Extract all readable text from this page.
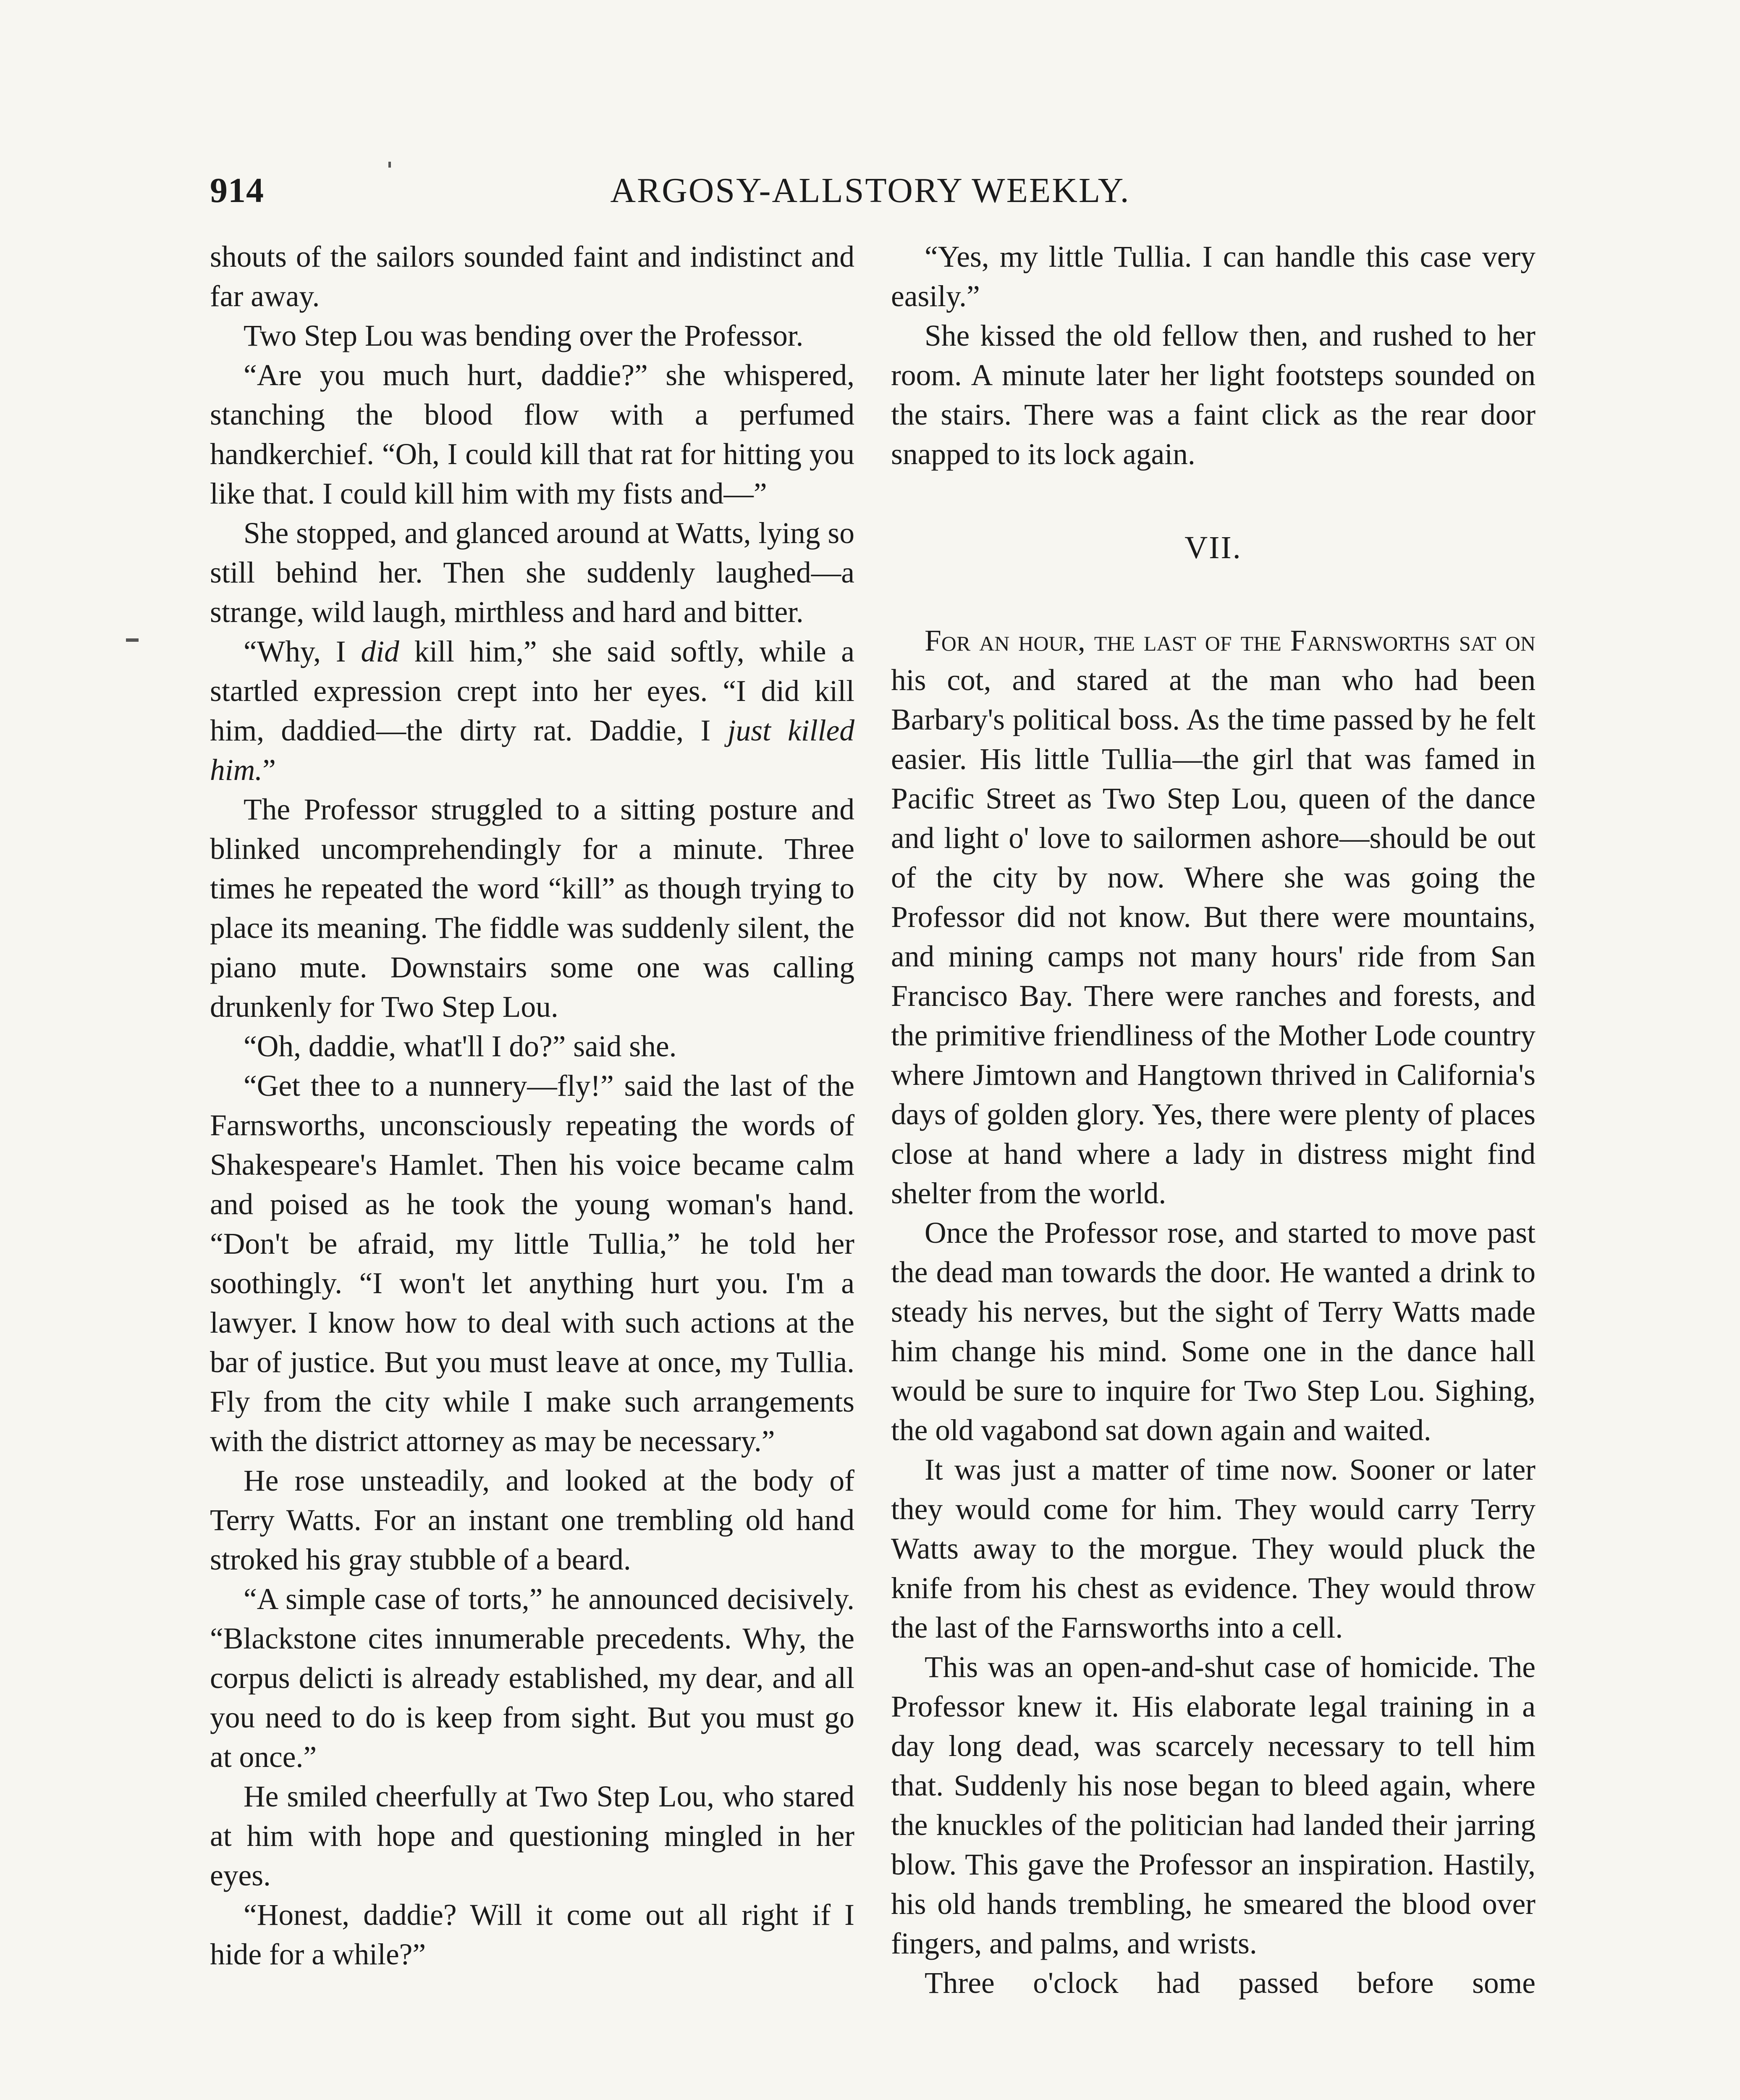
914	ARGOSY-ALLSTORY WEEKLY.

shouts of the sailors sounded faint and indistinct and far away.

Two Step Lou was bending over the Professor.

“Are you much hurt, daddie?” she whispered, stanching the blood flow with a perfumed handkerchief. “Oh, I could kill that rat for hitting you like that. I could kill him with my fists and—”

She stopped, and glanced around at Watts, lying so still behind her. Then she suddenly laughed—a strange, wild laugh, mirthless and hard and bitter.

“Why, I did kill him,” she said softly, while a startled expression crept into her eyes. “I did kill him, daddied—the dirty rat. Daddie, I just killed him.”

The Professor struggled to a sitting posture and blinked uncomprehendingly for a minute. Three times he repeated the word “kill” as though trying to place its meaning. The fiddle was suddenly silent, the piano mute. Downstairs some one was calling drunkenly for Two Step Lou.

“Oh, daddie, what'll I do?” said she.

“Get thee to a nunnery—fly!” said the last of the Farnsworths, unconsciously repeating the words of Shakespeare's Hamlet. Then his voice became calm and poised as he took the young woman's hand. “Don't be afraid, my little Tullia,” he told her soothingly. “I won't let anything hurt you. I'm a lawyer. I know how to deal with such actions at the bar of justice. But you must leave at once, my Tullia. Fly from the city while I make such arrangements with the district attorney as may be necessary.”

He rose unsteadily, and looked at the body of Terry Watts. For an instant one trembling old hand stroked his gray stubble of a beard.

“A simple case of torts,” he announced decisively. “Blackstone cites innumerable precedents. Why, the corpus delicti is already established, my dear, and all you need to do is keep from sight. But you must go at once.”

He smiled cheerfully at Two Step Lou, who stared at him with hope and questioning mingled in her eyes.

“Honest, daddie? Will it come out all right if I hide for a while?”

“Yes, my little Tullia. I can handle this case very easily.”

She kissed the old fellow then, and rushed to her room. A minute later her light footsteps sounded on the stairs. There was a faint click as the rear door snapped to its lock again.

VII.

For an hour, the last of the Farnsworths sat on his cot, and stared at the man who had been Barbary's political boss. As the time passed by he felt easier. His little Tullia—the girl that was famed in Pacific Street as Two Step Lou, queen of the dance and light o' love to sailormen ashore—should be out of the city by now. Where she was going the Professor did not know. But there were mountains, and mining camps not many hours' ride from San Francisco Bay. There were ranches and forests, and the primitive friendliness of the Mother Lode country where Jimtown and Hangtown thrived in California's days of golden glory. Yes, there were plenty of places close at hand where a lady in distress might find shelter from the world.

Once the Professor rose, and started to move past the dead man towards the door. He wanted a drink to steady his nerves, but the sight of Terry Watts made him change his mind. Some one in the dance hall would be sure to inquire for Two Step Lou. Sighing, the old vagabond sat down again and waited.

It was just a matter of time now. Sooner or later they would come for him. They would carry Terry Watts away to the morgue. They would pluck the knife from his chest as evidence. They would throw the last of the Farnsworths into a cell.

This was an open-and-shut case of homicide. The Professor knew it. His elaborate legal training in a day long dead, was scarcely necessary to tell him that. Suddenly his nose began to bleed again, where the knuckles of the politician had landed their jarring blow. This gave the Professor an inspiration. Hastily, his old hands trembling, he smeared the blood over fingers, and palms, and wrists.

Three o'clock had passed before some
